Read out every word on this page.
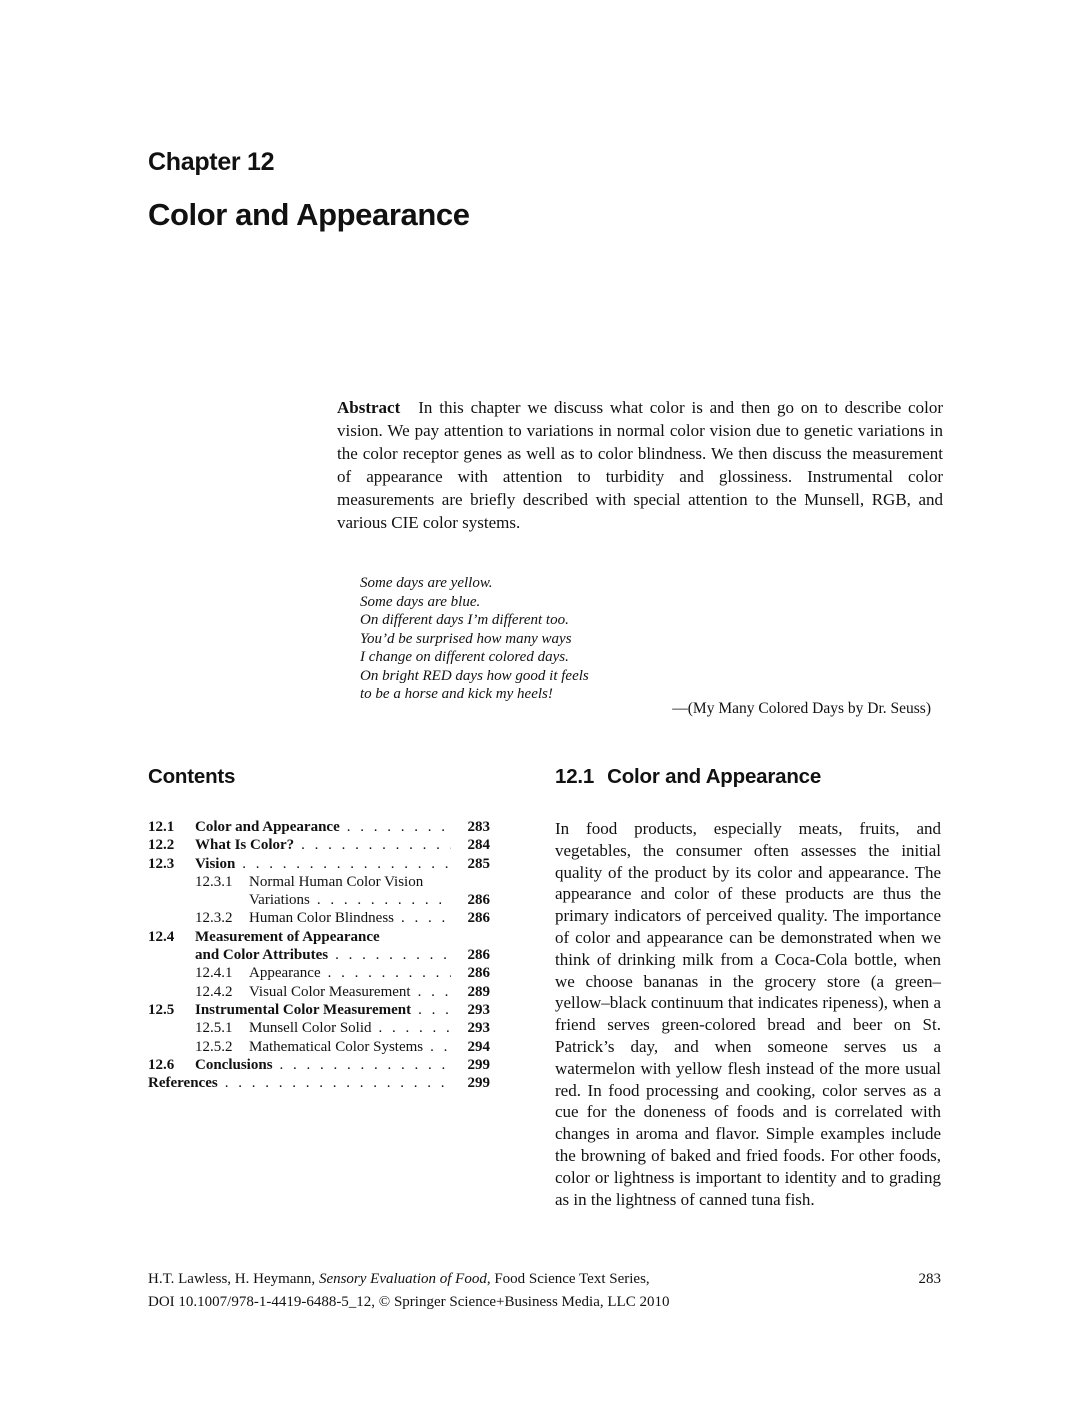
Chapter 12
Color and Appearance
Abstract In this chapter we discuss what color is and then go on to describe color vision. We pay attention to variations in normal color vision due to genetic variations in the color receptor genes as well as to color blindness. We then discuss the measurement of appearance with attention to turbidity and glossiness. Instrumental color measurements are briefly described with special attention to the Munsell, RGB, and various CIE color systems.
Some days are yellow.
Some days are blue.
On different days I’m different too.
You’d be surprised how many ways
I change on different colored days.
On bright RED days how good it feels
to be a horse and kick my heels!
—(My Many Colored Days by Dr. Seuss)
Contents
12.1	Color and Appearance . . .	283
12.2	What Is Color? . . .	284
12.3	Vision . . .	285
12.3.1	Normal Human Color Vision
Variations . . .	286
12.3.2	Human Color Blindness . . .	286
12.4	Measurement of Appearance
and Color Attributes . . .	286
12.4.1	Appearance . . .	286
12.4.2	Visual Color Measurement . . .	289
12.5	Instrumental Color Measurement . . .	293
12.5.1	Munsell Color Solid . . .	293
12.5.2	Mathematical Color Systems . . .	294
12.6	Conclusions . . .	299
References . . .	299
12.1 Color and Appearance
In food products, especially meats, fruits, and vegetables, the consumer often assesses the initial quality of the product by its color and appearance. The appearance and color of these products are thus the primary indicators of perceived quality. The importance of color and appearance can be demonstrated when we think of drinking milk from a Coca-Cola bottle, when we choose bananas in the grocery store (a green–yellow–black continuum that indicates ripeness), when a friend serves green-colored bread and beer on St. Patrick’s day, and when someone serves us a watermelon with yellow flesh instead of the more usual red. In food processing and cooking, color serves as a cue for the doneness of foods and is correlated with changes in aroma and flavor. Simple examples include the browning of baked and fried foods. For other foods, color or lightness is important to identity and to grading as in the lightness of canned tuna fish.
H.T. Lawless, H. Heymann, Sensory Evaluation of Food, Food Science Text Series,	283
DOI 10.1007/978-1-4419-6488-5_12, © Springer Science+Business Media, LLC 2010
